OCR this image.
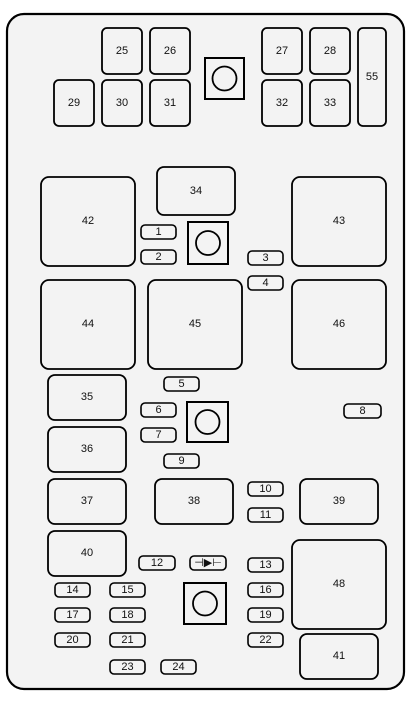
25	26	27	28
29	30	31	32	33
55
34
42	43
44	45	46
35
36
37	38	39
40
48
41
1
2	3
4
5
6
7
8
9
10
11
12	13
14	15	16
17	18	19
20	21	22
23	24
⊣▶⊢
